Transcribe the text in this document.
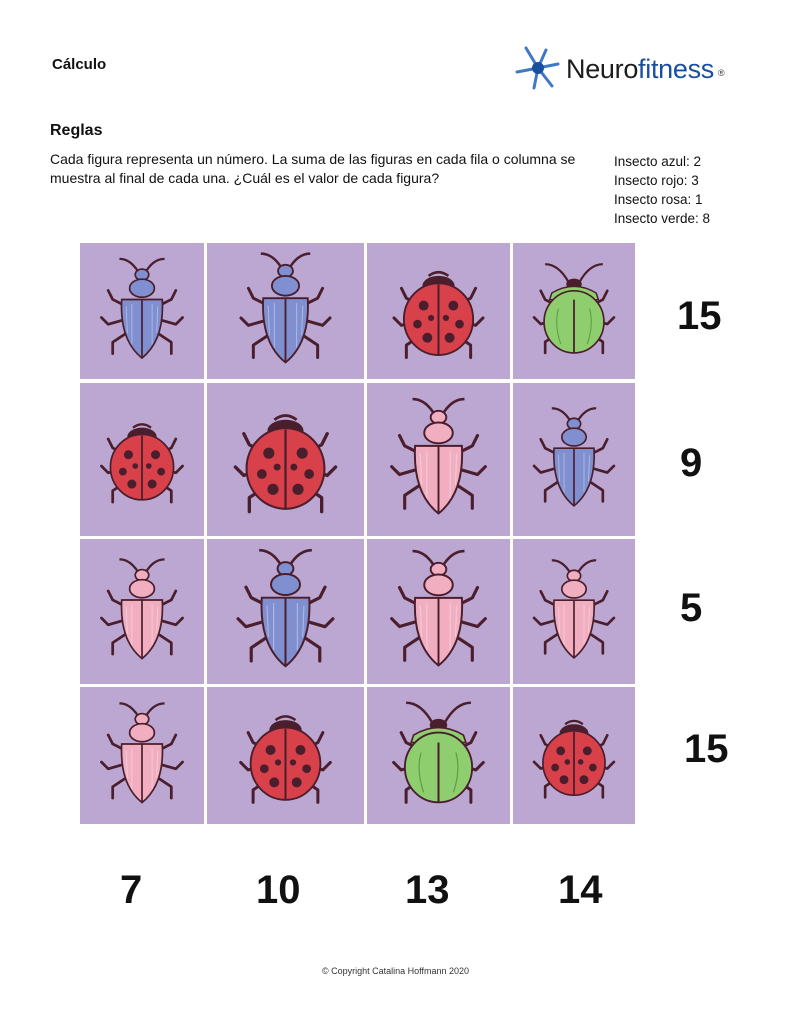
Cálculo	Neurofitness ®
Reglas
Cada figura representa un número. La suma de las figuras en cada fila o columna se muestra al final de cada una. ¿Cuál es el valor de cada figura?
Insecto azul: 2
Insecto rojo: 3
Insecto rosa: 1
Insecto verde: 8
15
9
5
15
7	10	13	14
© Copyright Catalina Hoffmann 2020
